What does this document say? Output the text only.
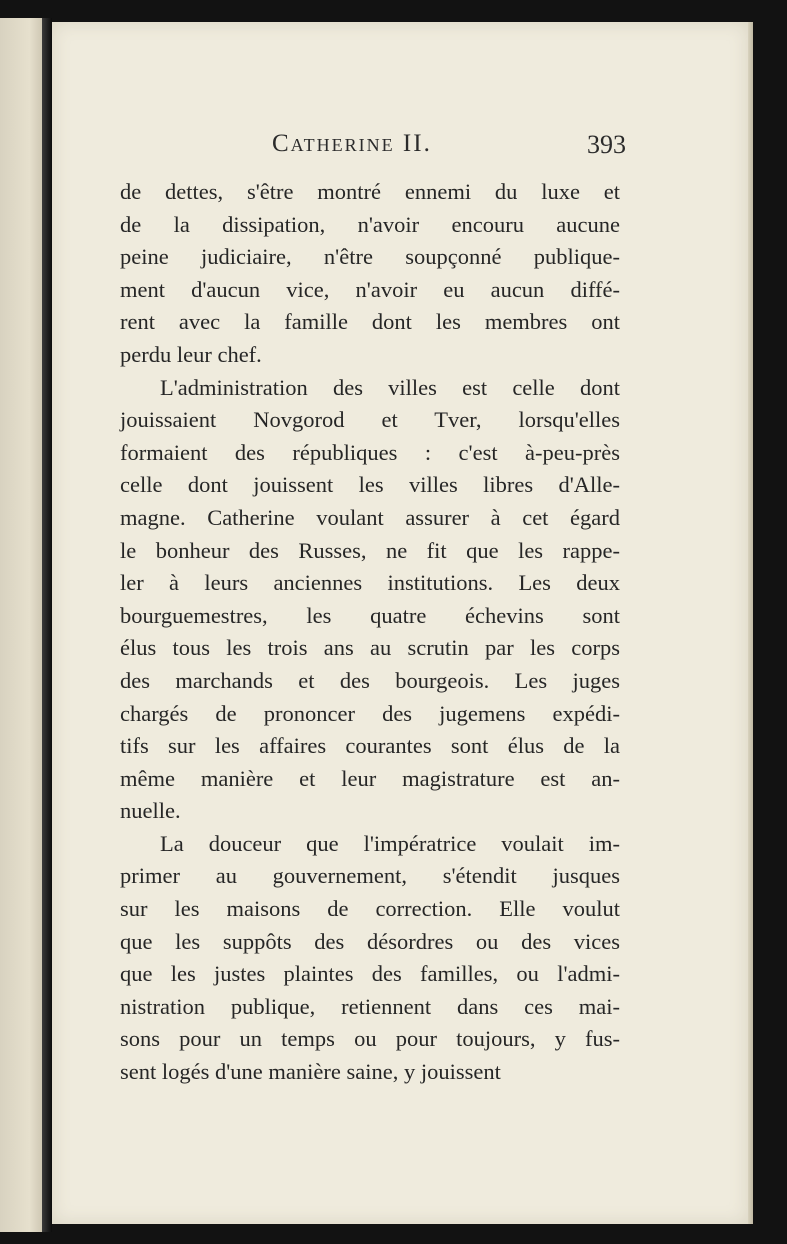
Catherine II.	393
de dettes, s'être montré ennemi du luxe et
de la dissipation, n'avoir encouru aucune
peine judiciaire, n'être soupçonné publique-
ment d'aucun vice, n'avoir eu aucun diffé-
rent avec la famille dont les membres ont
perdu leur chef.
L'administration des villes est celle dont
jouissaient Novgorod et Tver, lorsqu'elles
formaient des républiques : c'est à-peu-près
celle dont jouissent les villes libres d'Alle-
magne. Catherine voulant assurer à cet égard
le bonheur des Russes, ne fit que les rappe-
ler à leurs anciennes institutions. Les deux
bourguemestres, les quatre échevins sont
élus tous les trois ans au scrutin par les corps
des marchands et des bourgeois. Les juges
chargés de prononcer des jugemens expédi-
tifs sur les affaires courantes sont élus de la
même manière et leur magistrature est an-
nuelle.
La douceur que l'impératrice voulait im-
primer au gouvernement, s'étendit jusques
sur les maisons de correction. Elle voulut
que les suppôts des désordres ou des vices
que les justes plaintes des familles, ou l'admi-
nistration publique, retiennent dans ces mai-
sons pour un temps ou pour toujours, y fus-
sent logés d'une manière saine, y jouissent
